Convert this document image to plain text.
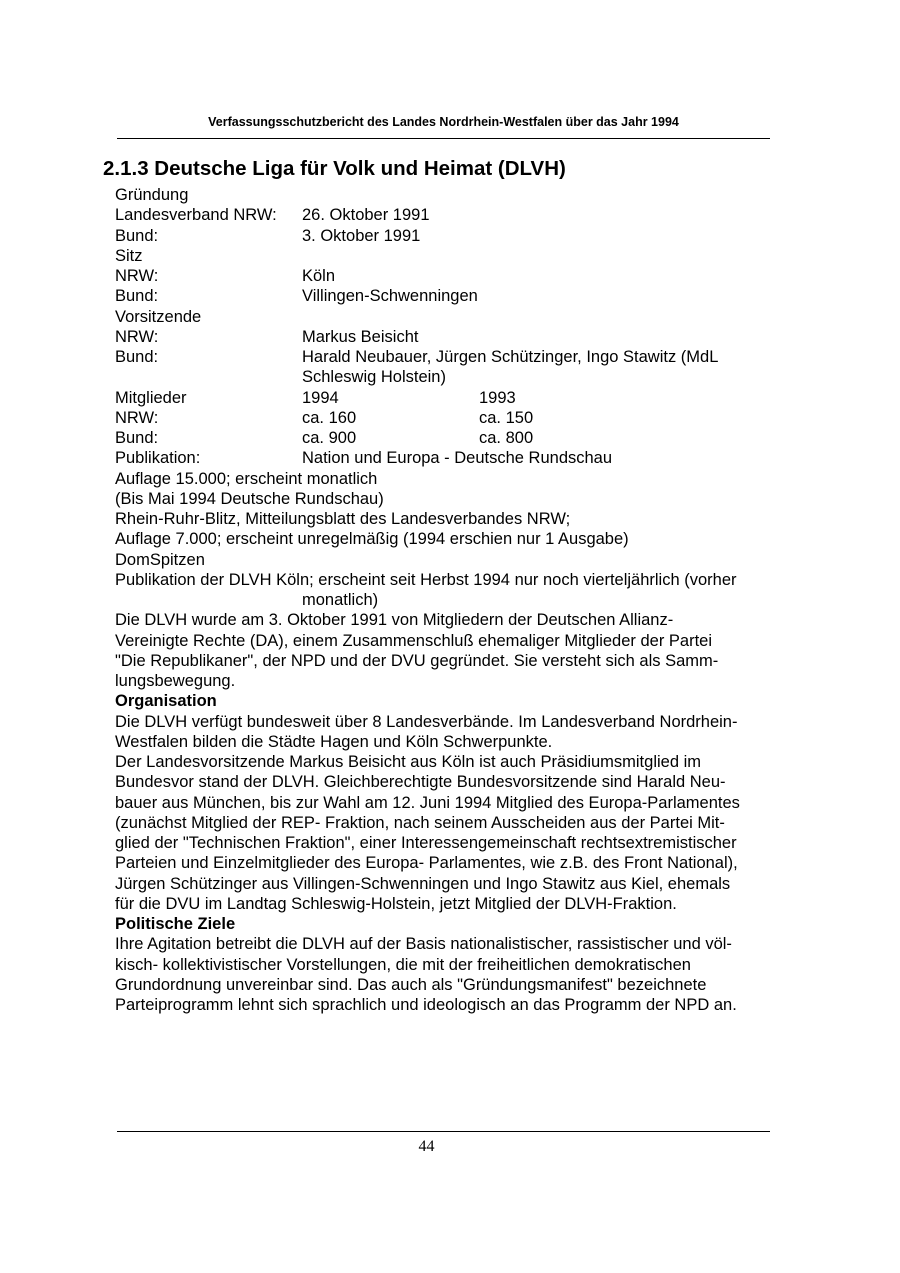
Verfassungsschutzbericht des Landes Nordrhein-Westfalen über das Jahr 1994
2.1.3 Deutsche Liga für Volk und Heimat (DLVH)
Gründung
Landesverband NRW: 26. Oktober 1991
Bund:	3. Oktober 1991
Sitz
NRW:	Köln
Bund:	Villingen-Schwenningen
Vorsitzende
NRW:	Markus Beisicht
Bund:	Harald Neubauer, Jürgen Schützinger, Ingo Stawitz (MdL
Schleswig Holstein)
Mitglieder	1994	1993
NRW:	ca. 160	ca. 150
Bund:	ca. 900	ca. 800
Publikation:	Nation und Europa - Deutsche Rundschau
Auflage 15.000; erscheint monatlich
(Bis Mai 1994 Deutsche Rundschau)
Rhein-Ruhr-Blitz, Mitteilungsblatt des Landesverbandes NRW;
Auflage 7.000; erscheint unregelmäßig (1994 erschien nur 1 Ausgabe)
DomSpitzen
Publikation der DLVH Köln; erscheint seit Herbst 1994 nur noch vierteljährlich (vorher
monatlich)
Die DLVH wurde am 3. Oktober 1991 von Mitgliedern der Deutschen Allianz-
Vereinigte Rechte (DA), einem Zusammenschluß ehemaliger Mitglieder der Partei
"Die Republikaner", der NPD und der DVU gegründet. Sie versteht sich als Samm-
lungsbewegung.
Organisation
Die DLVH verfügt bundesweit über 8 Landesverbände. Im Landesverband Nordrhein-
Westfalen bilden die Städte Hagen und Köln Schwerpunkte.
Der Landesvorsitzende Markus Beisicht aus Köln ist auch Präsidiumsmitglied im
Bundesvor stand der DLVH. Gleichberechtigte Bundesvorsitzende sind Harald Neu-
bauer aus München, bis zur Wahl am 12. Juni 1994 Mitglied des Europa-Parlamentes
(zunächst Mitglied der REP- Fraktion, nach seinem Ausscheiden aus der Partei Mit-
glied der "Technischen Fraktion", einer Interessengemeinschaft rechtsextremistischer
Parteien und Einzelmitglieder des Europa- Parlamentes, wie z.B. des Front National),
Jürgen Schützinger aus Villingen-Schwenningen und Ingo Stawitz aus Kiel, ehemals
für die DVU im Landtag Schleswig-Holstein, jetzt Mitglied der DLVH-Fraktion.
Politische Ziele
Ihre Agitation betreibt die DLVH auf der Basis nationalistischer, rassistischer und völ-
kisch- kollektivistischer Vorstellungen, die mit der freiheitlichen demokratischen
Grundordnung unvereinbar sind. Das auch als "Gründungsmanifest" bezeichnete
Parteiprogramm lehnt sich sprachlich und ideologisch an das Programm der NPD an.
44
